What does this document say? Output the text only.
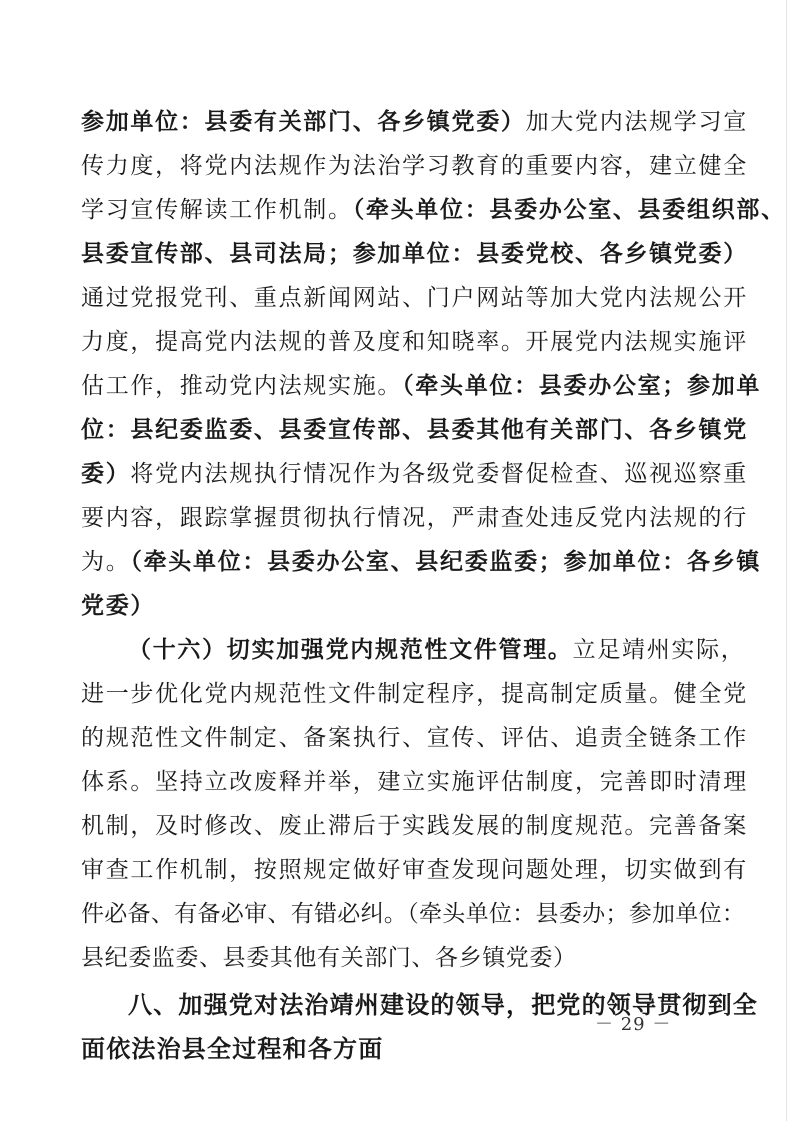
参加单位：县委有关部门、各乡镇党委）加大党内法规学习宣
传力度，将党内法规作为法治学习教育的重要内容，建立健全
学习宣传解读工作机制。（牵头单位：县委办公室、县委组织部、
县委宣传部、县司法局；参加单位：县委党校、各乡镇党委）
通过党报党刊、重点新闻网站、门户网站等加大党内法规公开
力度，提高党内法规的普及度和知晓率。开展党内法规实施评
估工作，推动党内法规实施。（牵头单位：县委办公室；参加单
位：县纪委监委、县委宣传部、县委其他有关部门、各乡镇党
委）将党内法规执行情况作为各级党委督促检查、巡视巡察重
要内容，跟踪掌握贯彻执行情况，严肃查处违反党内法规的行
为。（牵头单位：县委办公室、县纪委监委；参加单位：各乡镇
党委）
（十六）切实加强党内规范性文件管理。立足靖州实际，
进一步优化党内规范性文件制定程序，提高制定质量。健全党
的规范性文件制定、备案执行、宣传、评估、追责全链条工作
体系。坚持立改废释并举，建立实施评估制度，完善即时清理
机制，及时修改、废止滞后于实践发展的制度规范。完善备案
审查工作机制，按照规定做好审查发现问题处理，切实做到有
件必备、有备必审、有错必纠。（牵头单位：县委办；参加单位：
县纪委监委、县委其他有关部门、各乡镇党委）
八、加强党对法治靖州建设的领导，把党的领导贯彻到全
面依法治县全过程和各方面
－ 29 －
